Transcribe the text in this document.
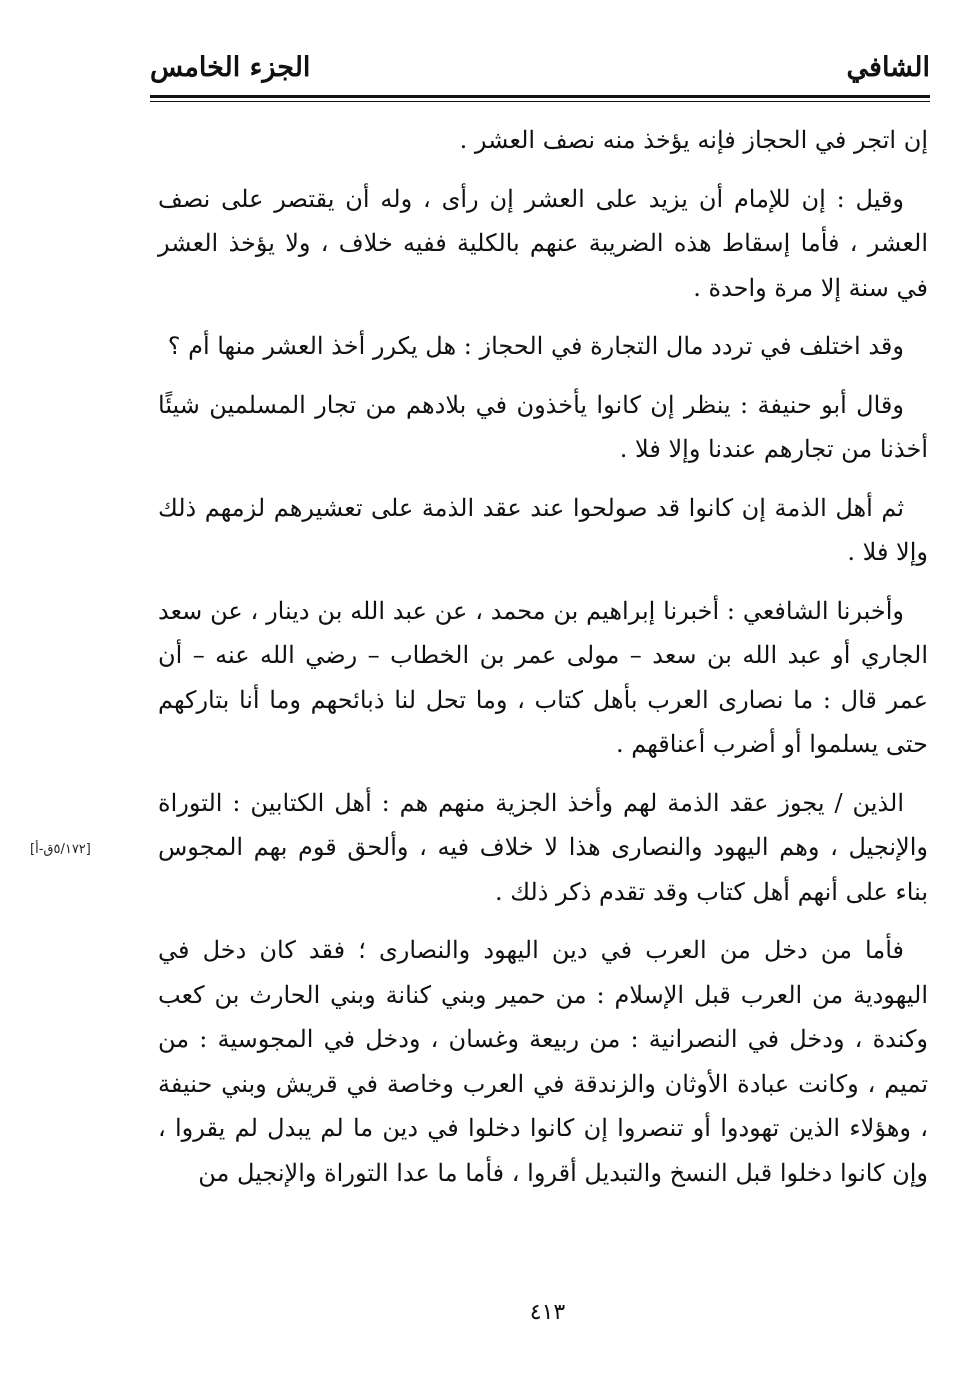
الشافي
الجزء الخامس

إن اتجر في الحجاز فإنه يؤخذ منه نصف العشر .

وقيل : إن للإمام أن يزيد على العشر إن رأى ، وله أن يقتصر على نصف العشر ، فأما إسقاط هذه الضريبة عنهم بالكلية ففيه خلاف ، ولا يؤخذ العشر في سنة إلا مرة واحدة .

وقد اختلف في تردد مال التجارة في الحجاز : هل يكرر أخذ العشر منها أم ؟

وقال أبو حنيفة : ينظر إن كانوا يأخذون في بلادهم من تجار المسلمين شيئًا أخذنا من تجارهم عندنا وإلا فلا .

ثم أهل الذمة إن كانوا قد صولحوا عند عقد الذمة على تعشيرهم لزمهم ذلك وإلا فلا .

وأخبرنا الشافعي : أخبرنا إبراهيم بن محمد ، عن عبد الله بن دينار ، عن سعد الجاري أو عبد الله بن سعد – مولى عمر بن الخطاب – رضي الله عنه – أن عمر قال : ما نصارى العرب بأهل كتاب ، وما تحل لنا ذبائحهم وما أنا بتاركهم حتى يسلموا أو أضرب أعناقهم .

الذين / يجوز عقد الذمة لهم وأخذ الجزية منهم هم : أهل الكتابين : التوراة والإنجيل ، وهم اليهود والنصارى هذا لا خلاف فيه ، وألحق قوم بهم المجوس بناء على أنهم أهل كتاب وقد تقدم ذكر ذلك .

فأما من دخل من العرب في دين اليهود والنصارى ؛ فقد كان دخل في اليهودية من العرب قبل الإسلام : من حمير وبني كنانة وبني الحارث بن كعب وكندة ، ودخل في النصرانية : من ربيعة وغسان ، ودخل في المجوسية : من تميم ، وكانت عبادة الأوثان والزندقة في العرب وخاصة في قريش وبني حنيفة ، وهؤلاء الذين تهودوا أو تنصروا إن كانوا دخلوا في دين ما لم يبدل لم يقروا ، وإن كانوا دخلوا قبل النسخ والتبديل أقروا ، فأما ما عدا التوراة والإنجيل من

[٥/١٧٢ق-أ]
٤١٣
